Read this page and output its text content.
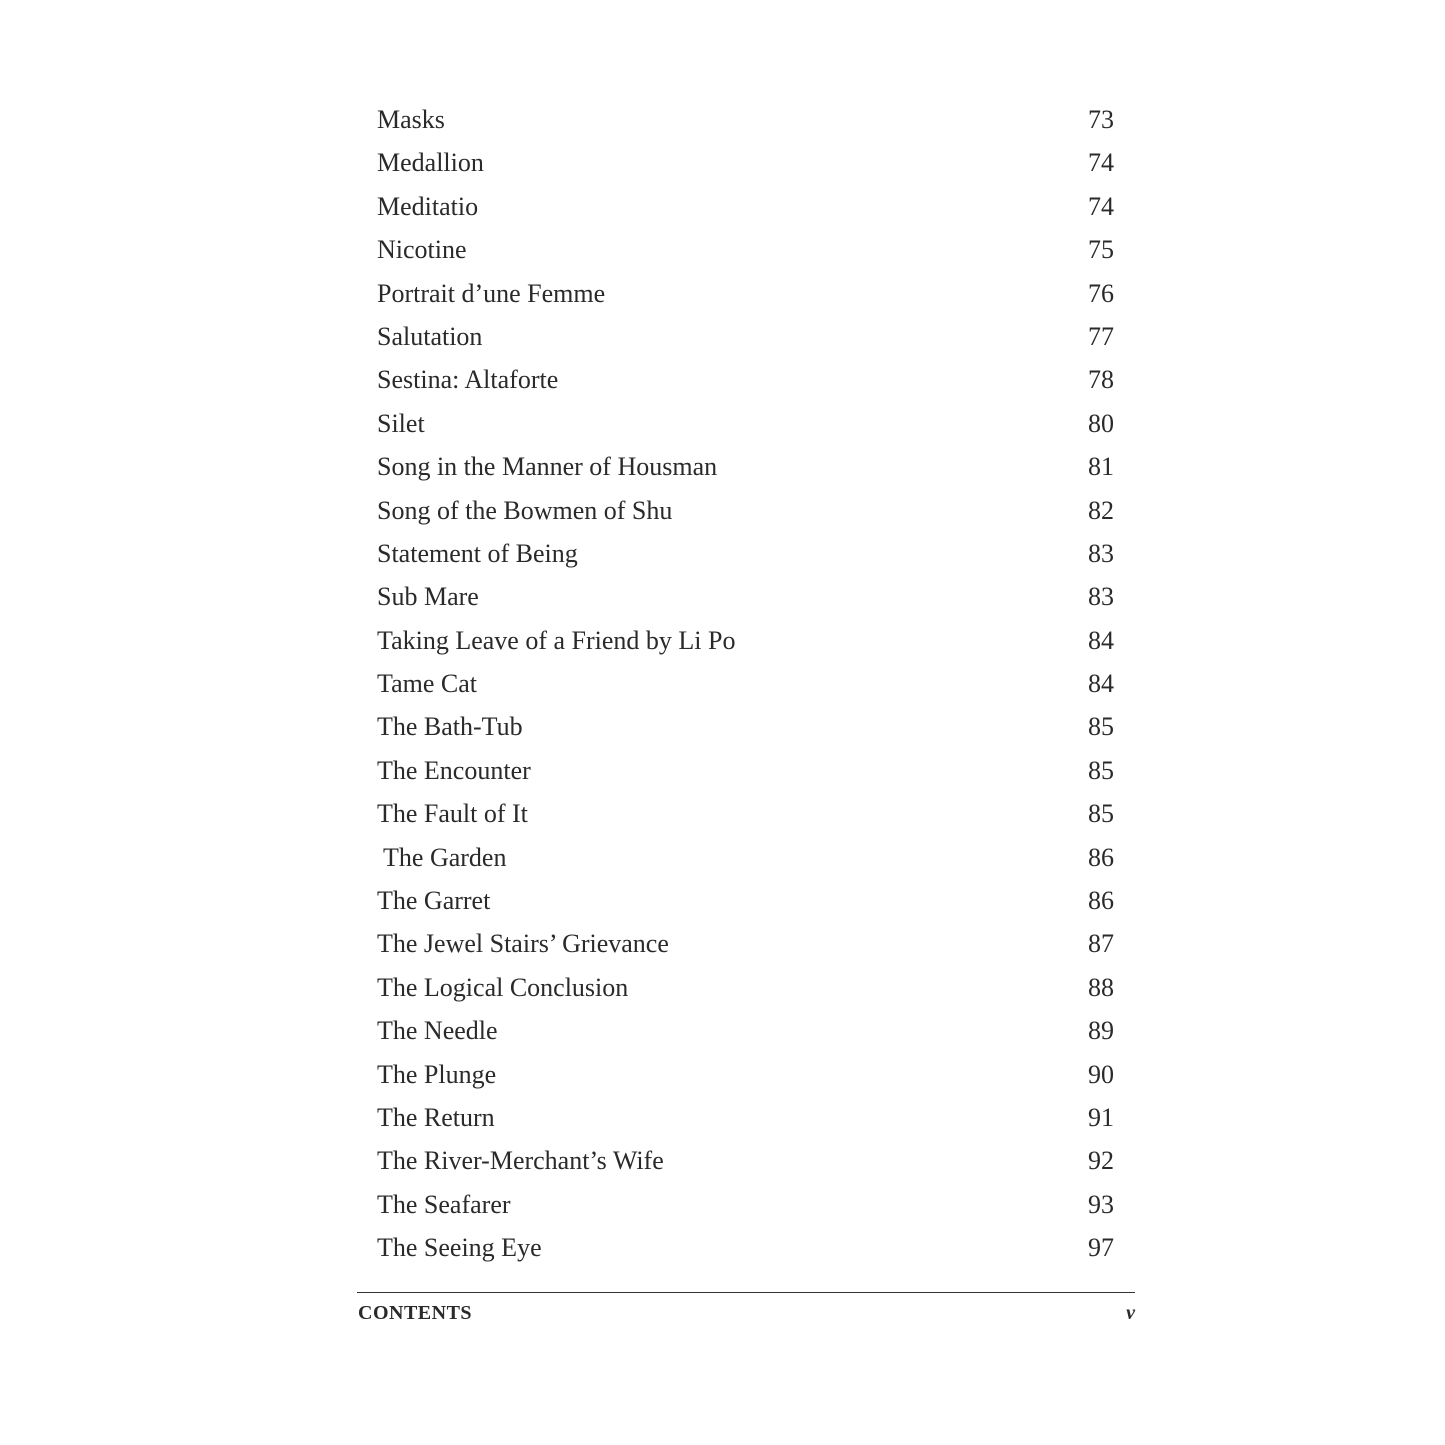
Masks	73
Medallion	74
Meditatio	74
Nicotine	75
Portrait d’une Femme	76
Salutation	77
Sestina: Altaforte	78
Silet	80
Song in the Manner of Housman	81
Song of the Bowmen of Shu	82
Statement of Being	83
Sub Mare	83
Taking Leave of a Friend by Li Po	84
Tame Cat	84
The Bath-Tub	85
The Encounter	85
The Fault of It	85
The Garden	86
The Garret	86
The Jewel Stairs’ Grievance	87
The Logical Conclusion	88
The Needle	89
The Plunge	90
The Return	91
The River-Merchant’s Wife	92
The Seafarer	93
The Seeing Eye	97
CONTENTS	v
